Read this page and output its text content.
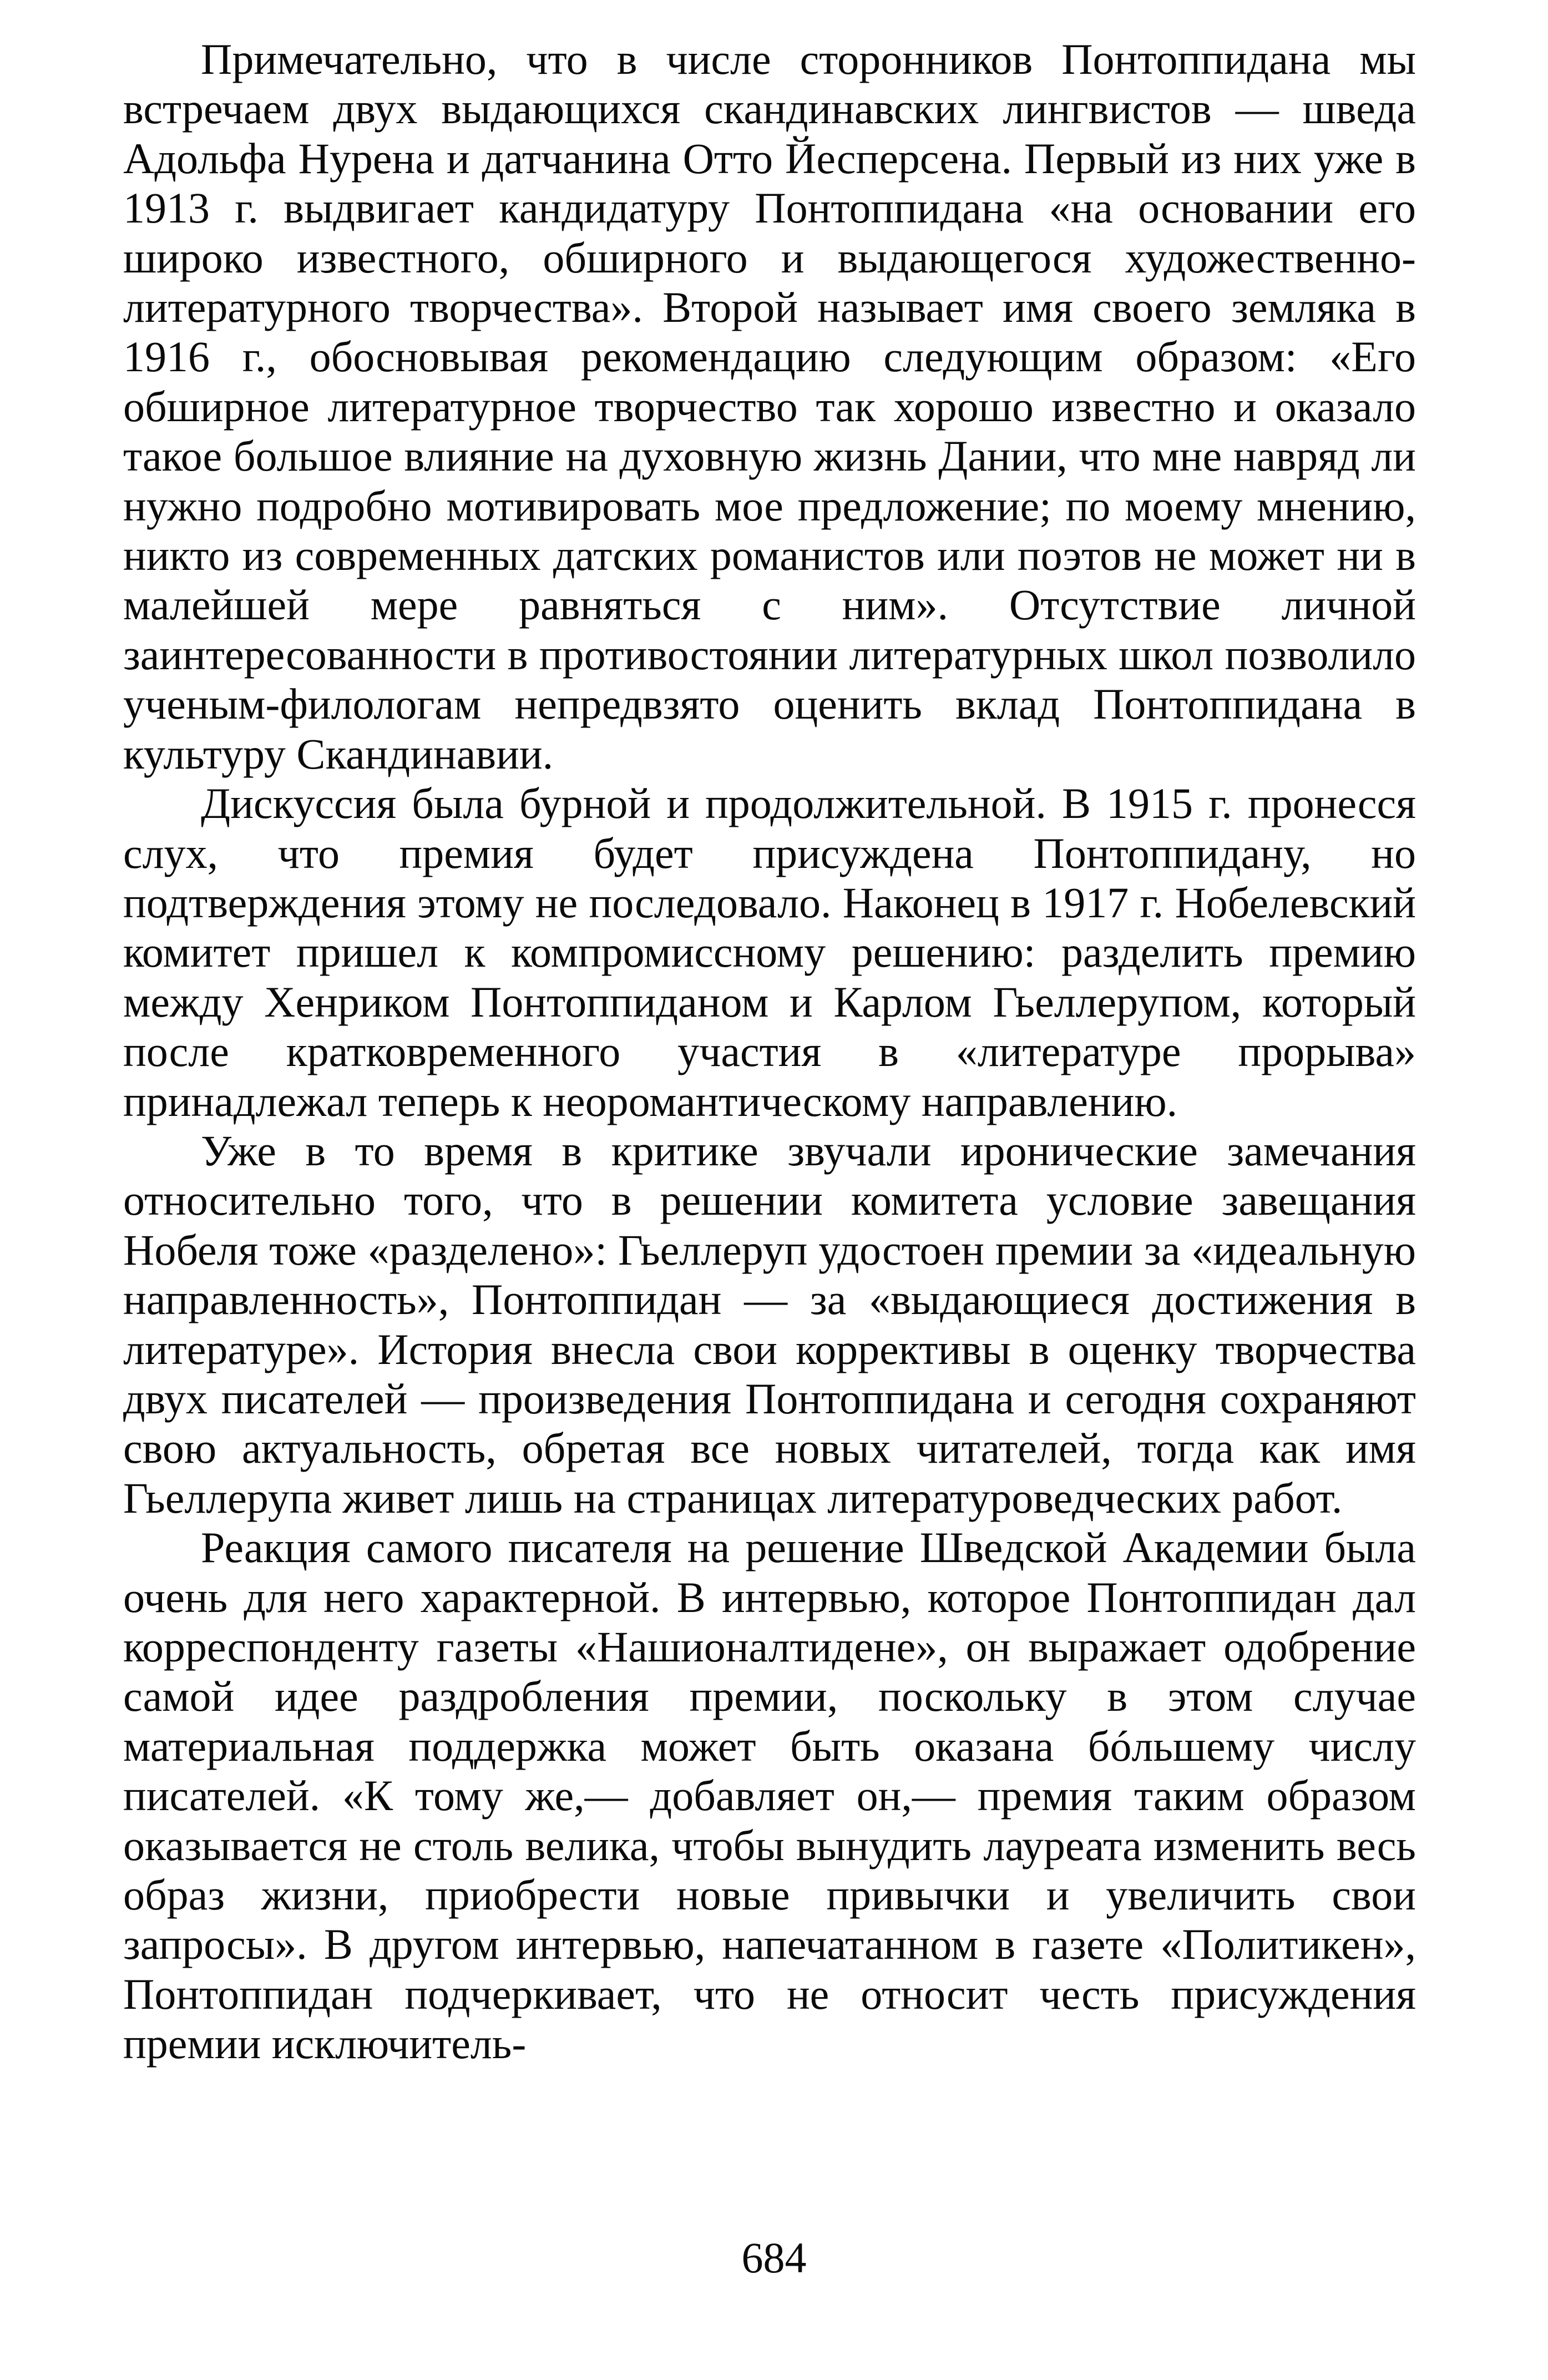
Примечательно, что в числе сторонников Понтоппидана мы встречаем двух выдающихся скандинавских лингвистов — шведа Адольфа Нурена и датчанина Отто Йесперсена. Первый из них уже в 1913 г. выдвигает кандидатуру Понтоппидана «на основании его широко известного, обширного и выдающегося художественно-литературного творчества». Второй называет имя своего земляка в 1916 г., обосновывая рекомендацию следующим образом: «Его обширное литературное творчество так хорошо известно и оказало такое большое влияние на духовную жизнь Дании, что мне навряд ли нужно подробно мотивировать мое предложение; по моему мнению, никто из современных датских романистов или поэтов не может ни в малейшей мере равняться с ним». Отсутствие личной заинтересованности в противостоянии литературных школ позволило ученым-филологам непредвзято оценить вклад Понтоппидана в культуру Скандинавии.

Дискуссия была бурной и продолжительной. В 1915 г. пронесся слух, что премия будет присуждена Понтоппидану, но подтверждения этому не последовало. Наконец в 1917 г. Нобелевский комитет пришел к компромиссному решению: разделить премию между Хенриком Понтоппиданом и Карлом Гьеллерупом, который после кратковременного участия в «литературе прорыва» принадлежал теперь к неоромантическому направлению.

Уже в то время в критике звучали иронические замечания относительно того, что в решении комитета условие завещания Нобеля тоже «разделено»: Гьеллеруп удостоен премии за «идеальную направленность», Понтоппидан — за «выдающиеся достижения в литературе». История внесла свои коррективы в оценку творчества двух писателей — произведения Понтоппидана и сегодня сохраняют свою актуальность, обретая все новых читателей, тогда как имя Гьеллерупа живет лишь на страницах литературоведческих работ.

Реакция самого писателя на решение Шведской Академии была очень для него характерной. В интервью, которое Понтоппидан дал корреспонденту газеты «Нашионалтидене», он выражает одобрение самой идее раздробления премии, поскольку в этом случае материальная поддержка может быть оказана бóльшему числу писателей. «К тому же,— добавляет он,— премия таким образом оказывается не столь велика, чтобы вынудить лауреата изменить весь образ жизни, приобрести новые привычки и увеличить свои запросы». В другом интервью, напечатанном в газете «Политикен», Понтоппидан подчеркивает, что не относит честь присуждения премии исключитель-

684
